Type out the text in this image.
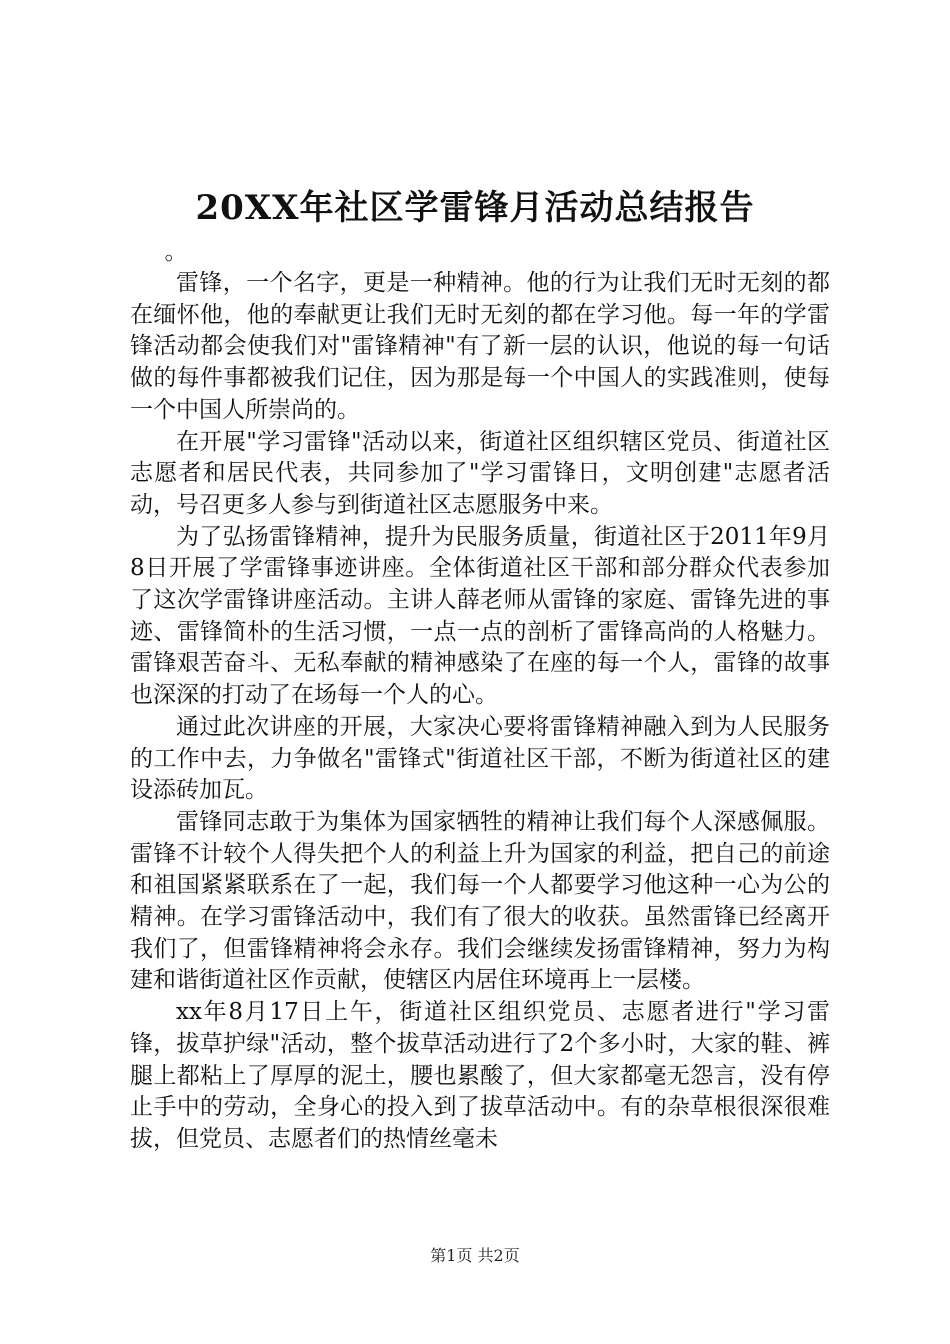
20XX年社区学雷锋月活动总结报告

。

雷锋，一个名字，更是一种精神。他的行为让我们无时无刻的都在缅怀他，他的奉献更让我们无时无刻的都在学习他。每一年的学雷锋活动都会使我们对"雷锋精神"有了新一层的认识，他说的每一句话做的每件事都被我们记住，因为那是每一个中国人的实践准则，使每一个中国人所崇尚的。

在开展"学习雷锋"活动以来，街道社区组织辖区党员、街道社区志愿者和居民代表，共同参加了"学习雷锋日，文明创建"志愿者活动，号召更多人参与到街道社区志愿服务中来。

为了弘扬雷锋精神，提升为民服务质量，街道社区于2011年9月8日开展了学雷锋事迹讲座。全体街道社区干部和部分群众代表参加了这次学雷锋讲座活动。主讲人薛老师从雷锋的家庭、雷锋先进的事迹、雷锋简朴的生活习惯，一点一点的剖析了雷锋高尚的人格魅力。雷锋艰苦奋斗、无私奉献的精神感染了在座的每一个人，雷锋的故事也深深的打动了在场每一个人的心。

通过此次讲座的开展，大家决心要将雷锋精神融入到为人民服务的工作中去，力争做名"雷锋式"街道社区干部，不断为街道社区的建设添砖加瓦。

雷锋同志敢于为集体为国家牺牲的精神让我们每个人深感佩服。雷锋不计较个人得失把个人的利益上升为国家的利益，把自己的前途和祖国紧紧联系在了一起，我们每一个人都要学习他这种一心为公的精神。在学习雷锋活动中，我们有了很大的收获。虽然雷锋已经离开我们了，但雷锋精神将会永存。我们会继续发扬雷锋精神，努力为构建和谐街道社区作贡献，使辖区内居住环境再上一层楼。

xx年8月17日上午，街道社区组织党员、志愿者进行"学习雷锋，拔草护绿"活动，整个拔草活动进行了2个多小时，大家的鞋、裤腿上都粘上了厚厚的泥土，腰也累酸了，但大家都毫无怨言，没有停止手中的劳动，全身心的投入到了拔草活动中。有的杂草根很深很难拔，但党员、志愿者们的热情丝毫未

第1页 共2页
